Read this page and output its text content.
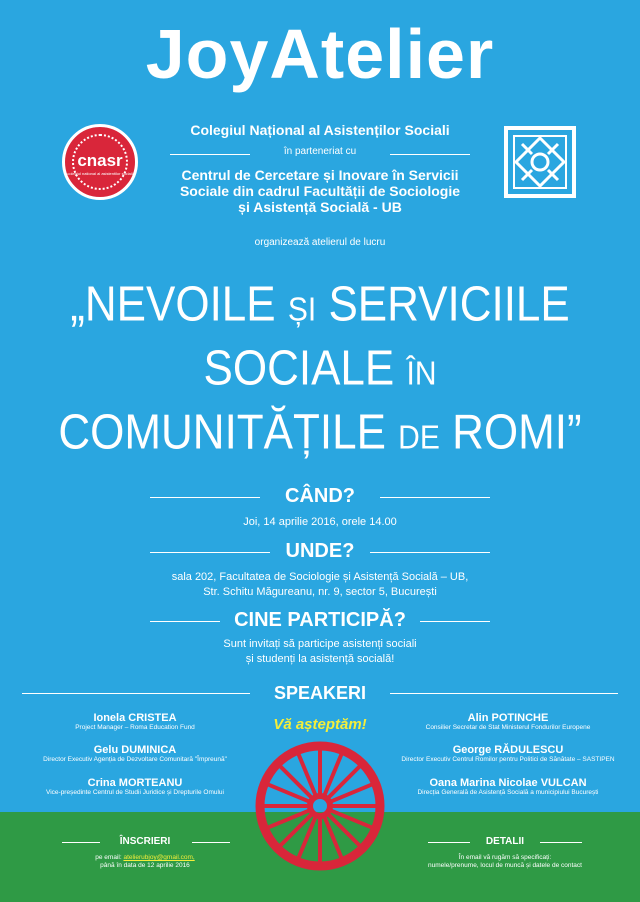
JoyAtelier
cnasr
colegiul national al asistentilor sociali
Colegiul Național al Asistenților Sociali
în parteneriat cu
Centrul de Cercetare și Inovare în Servicii
Sociale din cadrul Facultății de Sociologie
și Asistență Socială - UB
organizează atelierul de lucru
„NEVOILE ȘI SERVICIILE
SOCIALE ÎN
COMUNITĂȚILE DE ROMI”
CÂND?
Joi, 14 aprilie 2016, orele 14.00
UNDE?
sala 202, Facultatea de Sociologie și Asistență Socială – UB,
Str. Schitu Măgureanu, nr. 9, sector 5, București
CINE PARTICIPĂ?
Sunt invitați să participe asistenți sociali
și studenți la asistență socială!
SPEAKERI
Ionela CRISTEA
Project Manager – Roma Education Fund
Gelu DUMINICA
Director Executiv Agenția de Dezvoltare Comunitară "Împreună"
Crina MORTEANU
Vice-președinte Centrul de Studii Juridice și Drepturile Omului
Alin POTINCHE
Consilier Secretar de Stat Ministerul Fondurilor Europene
George RĂDULESCU
Director Executiv Centrul Romilor pentru Politici de Sănătate – SASTIPEN
Oana Marina Nicolae VULCAN
Direcția Generală de Asistență Socială a municipiului București
Vă așteptăm!
ÎNSCRIERI
pe email: atelierubjoy@gmail.com,
până în data de 12 aprilie 2016
DETALII
În email vă rugăm să specificați:
numele/prenume, locul de muncă și datele de contact
